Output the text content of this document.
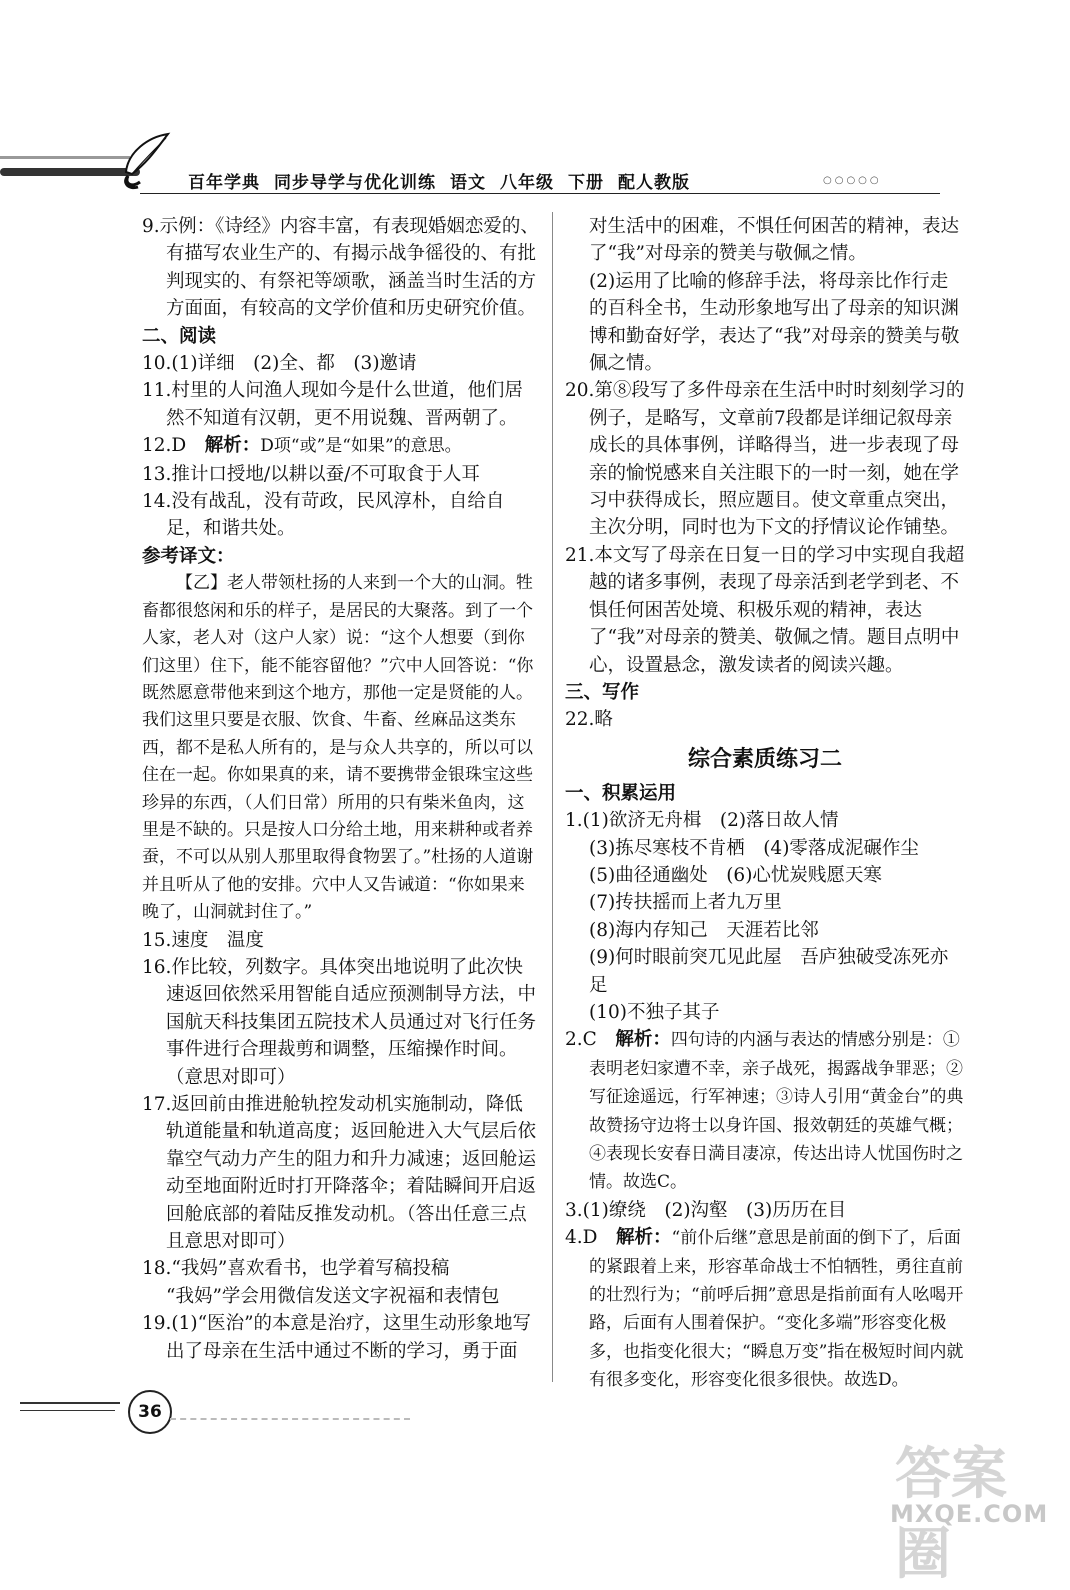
百年学典 同步导学与优化训练 语文 八年级 下册 配人教版	○○○○○

9.示例：《诗经》内容丰富，有表现婚姻恋爱的、有描写农业生产的、有揭示战争徭役的、有批判现实的、有祭祀等颂歌，涵盖当时生活的方方面面，有较高的文学价值和历史研究价值。

二、阅读

10.(1)详细　(2)全、都　(3)邀请

11.村里的人问渔人现如今是什么世道，他们居然不知道有汉朝，更不用说魏、晋两朝了。

12.D　解析：D项“或”是“如果”的意思。

13.推计口授地/以耕以蚕/不可取食于人耳

14.没有战乱，没有苛政，民风淳朴，自给自足，和谐共处。

参考译文：

【乙】老人带领杜扬的人来到一个大的山洞。牲畜都很悠闲和乐的样子，是居民的大聚落。到了一个人家，老人对（这户人家）说：“这个人想要（到你们这里）住下，能不能容留他？”穴中人回答说：“你既然愿意带他来到这个地方，那他一定是贤能的人。我们这里只要是衣服、饮食、牛畜、丝麻品这类东西，都不是私人所有的，是与众人共享的，所以可以住在一起。你如果真的来，请不要携带金银珠宝这些珍异的东西，（人们日常）所用的只有柴米鱼肉，这里是不缺的。只是按人口分给土地，用来耕种或者养蚕，不可以从别人那里取得食物罢了。”杜扬的人道谢并且听从了他的安排。穴中人又告诫道：“你如果来晚了，山洞就封住了。”

15.速度　温度

16.作比较，列数字。具体突出地说明了此次快速返回依然采用智能自适应预测制导方法，中国航天科技集团五院技术人员通过对飞行任务事件进行合理裁剪和调整，压缩操作时间。（意思对即可）

17.返回前由推进舱轨控发动机实施制动，降低轨道能量和轨道高度；返回舱进入大气层后依靠空气动力产生的阻力和升力减速；返回舱运动至地面附近时打开降落伞；着陆瞬间开启返回舱底部的着陆反推发动机。（答出任意三点且意思对即可）

18.“我妈”喜欢看书，也学着写稿投稿

“我妈”学会用微信发送文字祝福和表情包

19.(1)“医治”的本意是治疗，这里生动形象地写出了母亲在生活中通过不断的学习，勇于面

对生活中的困难，不惧任何困苦的精神，表达了“我”对母亲的赞美与敬佩之情。

(2)运用了比喻的修辞手法，将母亲比作行走的百科全书，生动形象地写出了母亲的知识渊博和勤奋好学，表达了“我”对母亲的赞美与敬佩之情。

20.第⑧段写了多件母亲在生活中时时刻刻学习的例子，是略写，文章前7段都是详细记叙母亲成长的具体事例，详略得当，进一步表现了母亲的愉悦感来自关注眼下的一时一刻，她在学习中获得成长，照应题目。使文章重点突出，主次分明，同时也为下文的抒情议论作铺垫。

21.本文写了母亲在日复一日的学习中实现自我超越的诸多事例，表现了母亲活到老学到老、不惧任何困苦处境、积极乐观的精神，表达了“我”对母亲的赞美、敬佩之情。题目点明中心，设置悬念，激发读者的阅读兴趣。

三、写作

22.略

综合素质练习二

一、积累运用

1.(1)欲济无舟楫　(2)落日故人情

(3)拣尽寒枝不肯栖　(4)零落成泥碾作尘

(5)曲径通幽处　(6)心忧炭贱愿天寒

(7)抟扶摇而上者九万里

(8)海内存知己　天涯若比邻

(9)何时眼前突兀见此屋　吾庐独破受冻死亦足

(10)不独子其子

2.C　解析：四句诗的内涵与表达的情感分别是：①表明老妇家遭不幸，亲子战死，揭露战争罪恶；②写征途遥远，行军神速；③诗人引用“黄金台”的典故赞扬守边将士以身许国、报效朝廷的英雄气概；④表现长安春日満目凄凉，传达出诗人忧国伤时之情。故选C。

3.(1)缭绕　(2)沟壑　(3)历历在目

4.D　解析：“前仆后继”意思是前面的倒下了，后面的紧跟着上来，形容革命战士不怕牺牲，勇往直前的壮烈行为；“前呼后拥”意思是指前面有人吆喝开路，后面有人围着保护。“变化多端”形容变化极多，也指变化很大；“瞬息万变”指在极短时间内就有很多变化，形容变化很多很快。故选D。

36
答案圈
MXQE.COM
